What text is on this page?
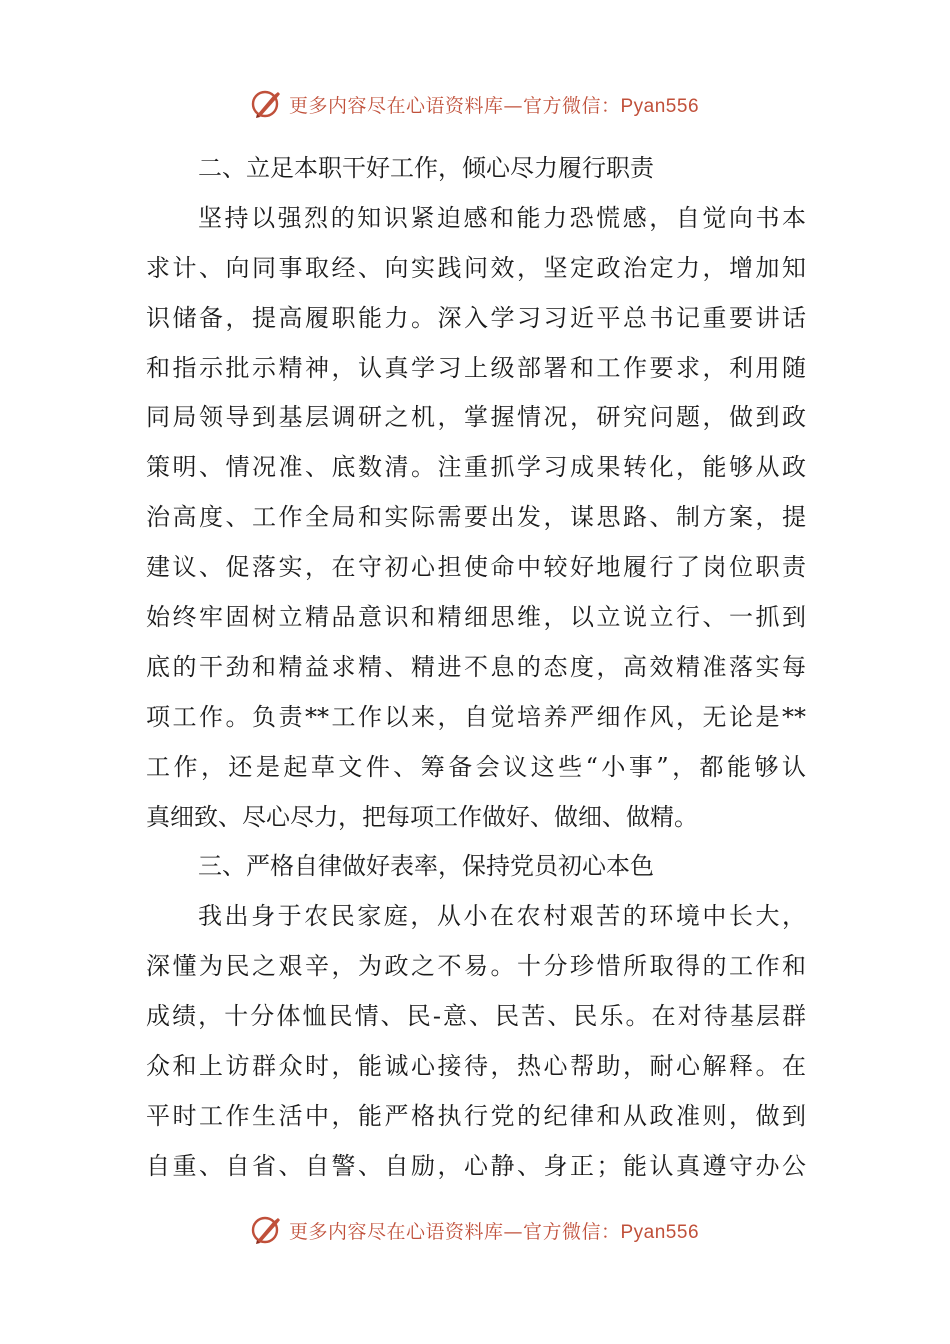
更多内容尽在心语资料库—官方微信：Pyan556
二、立足本职干好工作，倾心尽力履行职责
坚持以强烈的知识紧迫感和能力恐慌感，自觉向书本
求计、向同事取经、向实践问效，坚定政治定力，增加知
识储备，提高履职能力。深入学习习近平总书记重要讲话
和指示批示精神，认真学习上级部署和工作要求，利用随
同局领导到基层调研之机，掌握情况，研究问题，做到政
策明、情况准、底数清。注重抓学习成果转化，能够从政
治高度、工作全局和实际需要出发，谋思路、制方案，提
建议、促落实，在守初心担使命中较好地履行了岗位职责
始终牢固树立精品意识和精细思维，以立说立行、一抓到
底的干劲和精益求精、精进不息的态度，高效精准落实每
项工作。负责**工作以来，自觉培养严细作风，无论是**
工作，还是起草文件、筹备会议这些“小事”，都能够认
真细致、尽心尽力，把每项工作做好、做细、做精。
三、严格自律做好表率，保持党员初心本色
我出身于农民家庭，从小在农村艰苦的环境中长大，
深懂为民之艰辛，为政之不易。十分珍惜所取得的工作和
成绩，十分体恤民情、民-意、民苦、民乐。在对待基层群
众和上访群众时，能诚心接待，热心帮助，耐心解释。在
平时工作生活中，能严格执行党的纪律和从政准则，做到
自重、自省、自警、自励，心静、身正；能认真遵守办公
更多内容尽在心语资料库—官方微信：Pyan556
